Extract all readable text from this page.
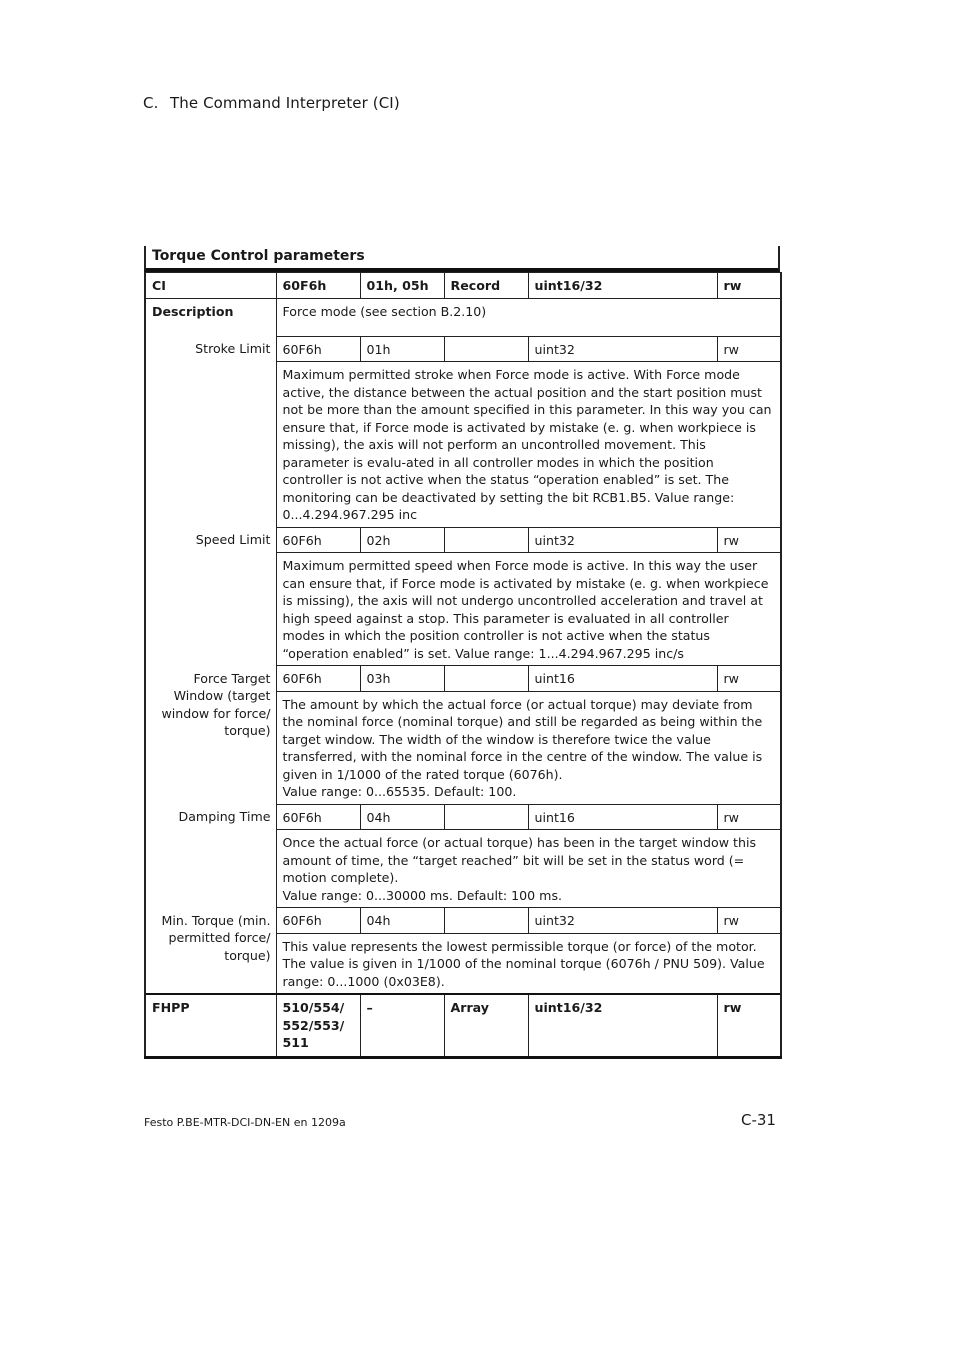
C. The Command Interpreter (CI)
Torque Control parameters
CI	60F6h	01h, 05h	Record	uint16/32	rw
Description	Force mode (see section B.2.10)				
Stroke Limit	60F6h	01h		uint32	rw
	Maximum permitted stroke when Force mode is active. With Force mode active, the distance between the actual position and the start position must not be more than the amount specified in this parameter. In this way you can ensure that, if Force mode is activated by mistake (e. g. when workpiece is missing), the axis will not perform an uncontrolled movement. This parameter is evalu-ated in all controller modes in which the position controller is not active when the status “operation enabled” is set. The monitoring can be deactivated by setting the bit RCB1.B5. Value range: 0...4.294.967.295 inc				
Speed Limit	60F6h	02h		uint32	rw
	Maximum permitted speed when Force mode is active. In this way the user can ensure that, if Force mode is activated by mistake (e. g. when workpiece is missing), the axis will not undergo uncontrolled acceleration and travel at high speed against a stop. This parameter is evaluated in all controller modes in which the position controller is not active when the status “operation enabled” is set. Value range: 1...4.294.967.295 inc/s				
Force Target Window (target window for force/ torque)	60F6h	03h		uint16	rw

	The amount by which the actual force (or actual torque) may deviate from the nominal force (nominal torque) and still be regarded as being within the target window. The width of the window is therefore twice the value transferred, with the nominal force in the centre of the window. The value is given in 1/1000 of the rated torque (6076h).
Value range: 0...65535. Default: 100.				

Damping Time	60F6h	04h		uint16	rw

	Once the actual force (or actual torque) has been in the target window this amount of time, the “target reached” bit will be set in the status word (= motion complete).
Value range: 0...30000 ms. Default: 100 ms.				

Min. Torque (min. permitted force/ torque)	60F6h	04h		uint32	rw
	This value represents the lowest permissible torque (or force) of the motor. The value is given in 1/1000 of the nominal torque (6076h / PNU 509). Value range: 0...1000 (0x03E8).				
FHPP	510/554/ 552/553/ 511	–	Array	uint16/32	rw
Festo P.BE-MTR-DCI-DN-EN en 1209a	C-31
